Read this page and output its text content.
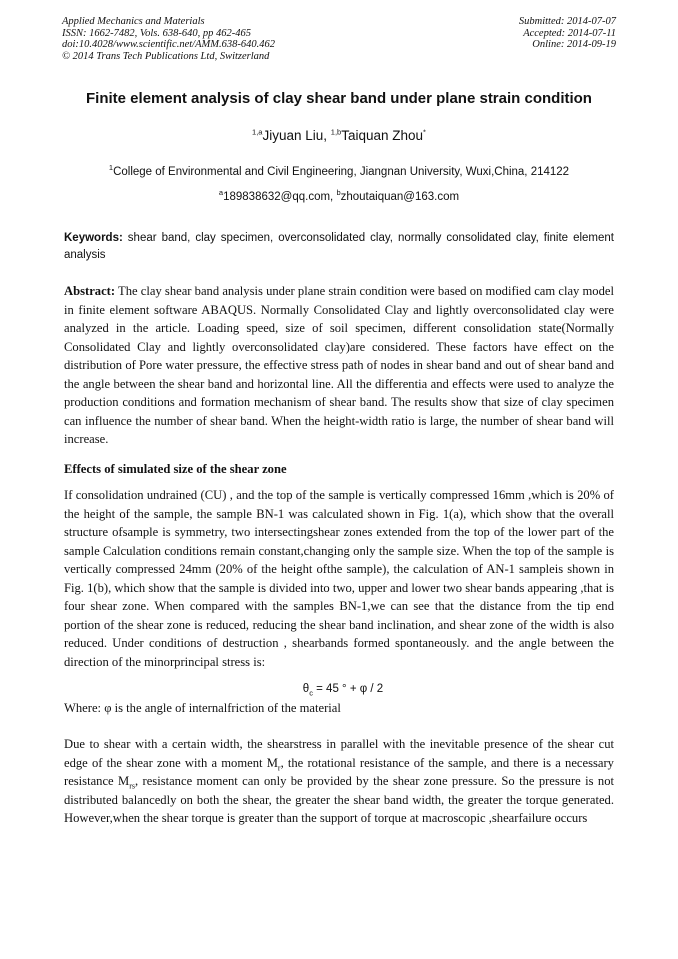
Applied Mechanics and Materials
ISSN: 1662-7482, Vols. 638-640, pp 462-465
doi:10.4028/www.scientific.net/AMM.638-640.462
© 2014 Trans Tech Publications Ltd, Switzerland
Submitted: 2014-07-07
Accepted: 2014-07-11
Online: 2014-09-19
Finite element analysis of clay shear band under plane strain condition
$^{1,a}$Jiyuan Liu, $^{1,b}$Taiquan Zhou*
$^1$College of Environmental and Civil Engineering, Jiangnan University, Wuxi,China, 214122
$^a$189838632@qq.com, $^b$zhoutaiquan@163.com
Keywords: shear band, clay specimen, overconsolidated clay, normally consolidated clay, finite element analysis
Abstract: The clay shear band analysis under plane strain condition were based on modified cam clay model in finite element software ABAQUS. Normally Consolidated Clay and lightly overconsolidated clay were analyzed in the article. Loading speed, size of soil specimen, different consolidation state(Normally Consolidated Clay and lightly overconsolidated clay)are considered. These factors have effect on the distribution of Pore water pressure, the effective stress path of nodes in shear band and out of shear band and the angle between the shear band and horizontal line. All the differentia and effects were used to analyze the production conditions and formation mechanism of shear band. The results show that size of clay specimen can influence the number of shear band. When the height-width ratio is large, the number of shear band will increase.
Effects of simulated size of the shear zone
If consolidation undrained (CU) , and the top of the sample is vertically compressed 16mm ,which is 20% of the height of the sample, the sample BN-1 was calculated shown in Fig. 1(a), which show that the overall structure ofsample is symmetry, two intersectingshear zones extended from the top of the lower part of the sample Calculation conditions remain constant,changing only the sample size. When the top of the sample is vertically compressed 24mm (20% of the height ofthe sample), the calculation of AN-1 sampleis shown in Fig. 1(b), which show that the sample is divided into two, upper and lower two shear bands appearing ,that is four shear zone. When compared with the samples BN-1,we can see that the distance from the tip end portion of the shear zone is reduced, reducing the shear band inclination, and shear zone of the width is also reduced. Under conditions of destruction , shearbands formed spontaneously. and the angle between the direction of the minorprincipal stress is:
$\theta_c = 45$ ° + φ / 2
Where: φ is the angle of internalfriction of the material
Due to shear with a certain width, the shearstress in parallel with the inevitable presence of the shear cut edge of the shear zone with a moment $M_r$, the rotational resistance of the sample, and there is a necessary resistance $M_{rs}$, resistance moment can only be provided by the shear zone pressure. So the pressure is not distributed balancedly on both the shear, the greater the shear band width, the greater the torque generated. However,when the shear torque is greater than the support of torque at macroscopic ,shearfailure occurs
